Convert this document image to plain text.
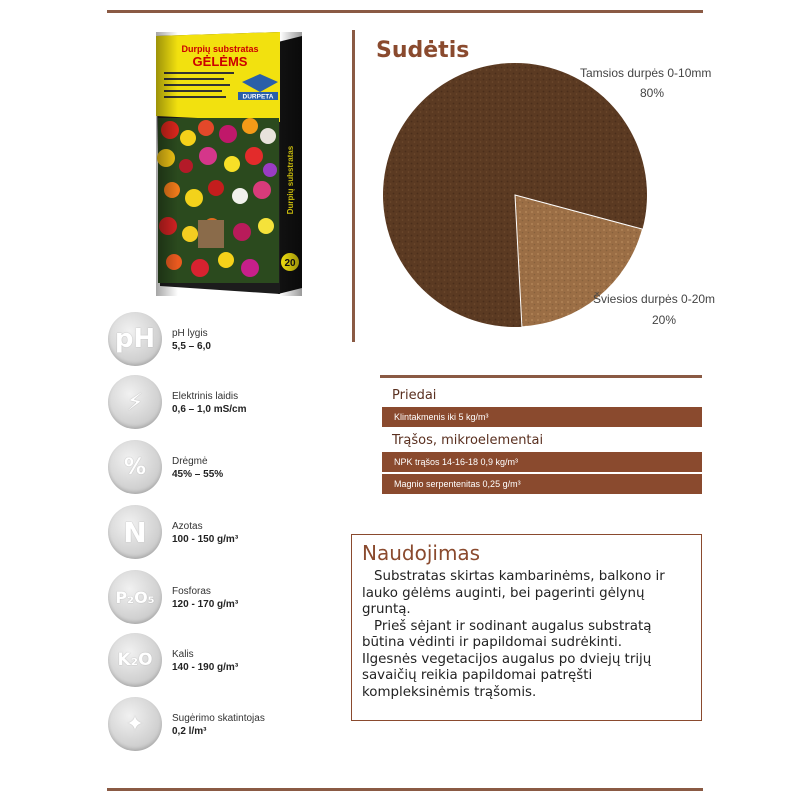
pH	pH lygis
5,5 – 6,0
⚡	Elektrinis laidis
0,6 – 1,0 mS/cm
%	Drėgmė
45% – 55%
N	Azotas
100 - 150 g/m³
P₂O₅	Fosforas
120 - 170 g/m³
K₂O	Kalis
140 - 190 g/m³
✦	Sugėrimo skatintojas
0,2 l/m³
Sudėtis
Tamsios durpės 0-10mm
80%
Šviesios durpės 0-20m
20%
Priedai
Klintakmenis iki 5 kg/m³
Trąšos, mikroelementai
NPK trąšos 14-16-18 0,9 kg/m³
Magnio serpentenitas 0,25 g/m³
Naudojimas

Substratas skirtas kambarinėms, balkono ir
lauko gėlėms auginti, bei pagerinti gėlynų
gruntą.
Prieš sėjant ir sodinant augalus substratą
būtina vėdinti ir papildomai sudrėkinti.
Ilgesnės vegetacijos augalus po dviejų trijų
savaičių reikia papildomai patręšti
kompleksinėmis trąšomis.
